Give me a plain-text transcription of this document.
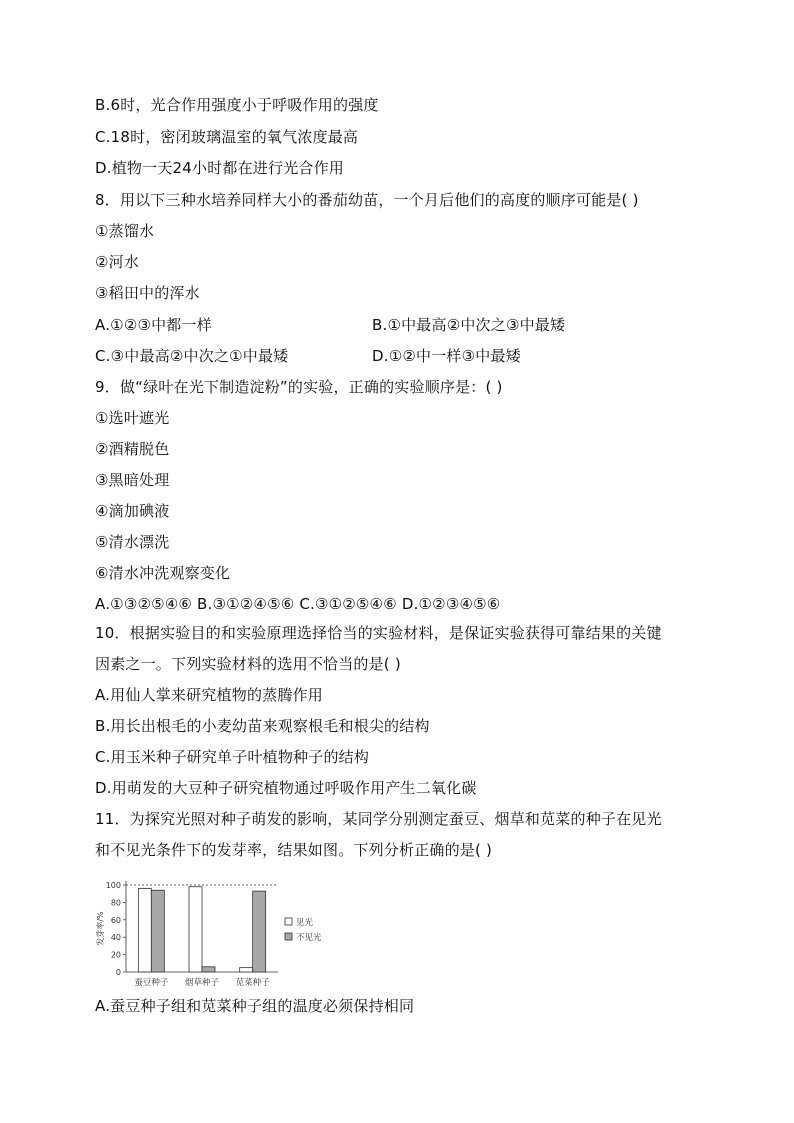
B.6时，光合作用强度小于呼吸作用的强度
C.18时，密闭玻璃温室的氧气浓度最高
D.植物一天24小时都在进行光合作用
8．用以下三种水培养同样大小的番茄幼苗，一个月后他们的高度的顺序可能是( )
①蒸馏水
②河水
③稻田中的浑水
A.①②③中都一样	B.①中最高②中次之③中最矮
C.③中最高②中次之①中最矮	D.①②中一样③中最矮
9．做“绿叶在光下制造淀粉”的实验，正确的实验顺序是：( )
①选叶遮光
②酒精脱色
③黑暗处理
④滴加碘液
⑤清水漂洗
⑥清水冲洗观察变化
A.①③②⑤④⑥ B.③①②④⑤⑥ C.③①②⑤④⑥ D.①②③④⑤⑥
10．根据实验目的和实验原理选择恰当的实验材料，是保证实验获得可靠结果的关键
因素之一。下列实验材料的选用不恰当的是( )
A.用仙人掌来研究植物的蒸腾作用
B.用长出根毛的小麦幼苗来观察根毛和根尖的结构
C.用玉米种子研究单子叶植物种子的结构
D.用萌发的大豆种子研究植物通过呼吸作用产生二氧化碳
11．为探究光照对种子萌发的影响，某同学分别测定蚕豆、烟草和苋菜的种子在见光
和不见光条件下的发芽率，结果如图。下列分析正确的是( )
发芽率/%
0
20
40
60
80
100
蚕豆种子 烟草种子 苋菜种子
见光
不见光
A.蚕豆种子组和苋菜种子组的温度必须保持相同
